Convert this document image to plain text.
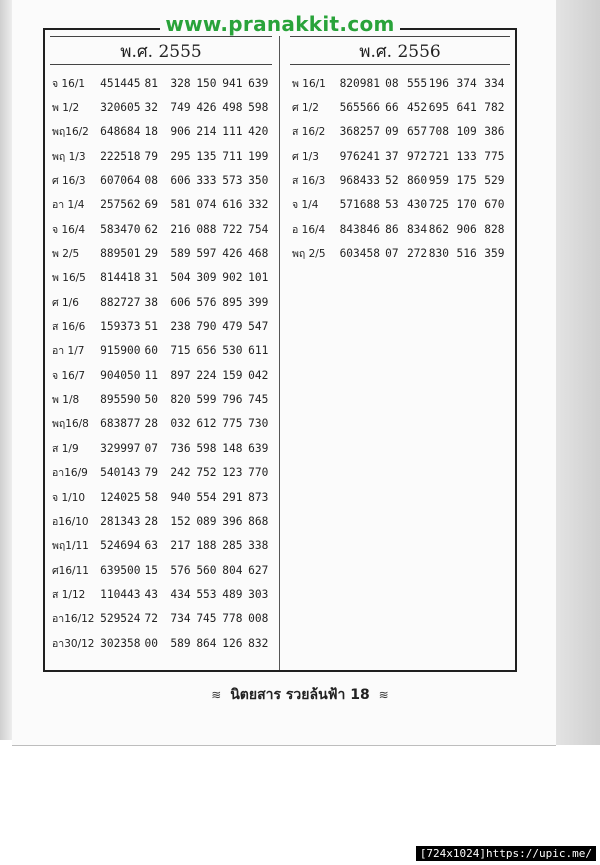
www.pranakkit.com
พ.ศ. 2555	พ.ศ. 2556
จ 16/1	451445 81	328 150 941 639
พ 1/2	320605 32	749 426 498 598
พฤ16/2	648684 18	906 214 111 420
พฤ 1/3	222518 79	295 135 711 199
ศ 16/3	607064 08	606 333 573 350
อา 1/4	257562 69	581 074 616 332
จ 16/4	583470 62	216 088 722 754
พ 2/5	889501 29	589 597 426 468
พ 16/5	814418 31	504 309 902 101
ศ 1/6	882727 38	606 576 895 399
ส 16/6	159373 51	238 790 479 547
อา 1/7	915900 60	715 656 530 611
จ 16/7	904050 11	897 224 159 042
พ 1/8	895590 50	820 599 796 745
พฤ16/8	683877 28	032 612 775 730
ส 1/9	329997 07	736 598 148 639
อา16/9	540143 79	242 752 123 770
จ 1/10	124025 58	940 554 291 873
อ16/10	281343 28	152 089 396 868
พฤ1/11	524694 63	217 188 285 338
ศ16/11 639500 15	576 560 804 627
ส 1/12	110443 43	434 553 489 303
อา16/12 529524 72	734 745 778 008
อา30/12 302358 00	589 864 126 832
พ 16/1	820981 08 555 196 374 334
ศ 1/2	565566 66 452 695 641 782
ส 16/2	368257 09 657 708 109 386
ศ 1/3	976241 37 972 721 133 775
ส 16/3	968433 52 860 959 175 529
จ 1/4	571688 53 430 725 170 670
อ 16/4	843846 86 834 862 906 828
พฤ 2/5	603458 07 272 830 516 359
≋ นิตยสาร รวยล้นฟ้า 18 ≋
[724x1024]https://upic.me/
